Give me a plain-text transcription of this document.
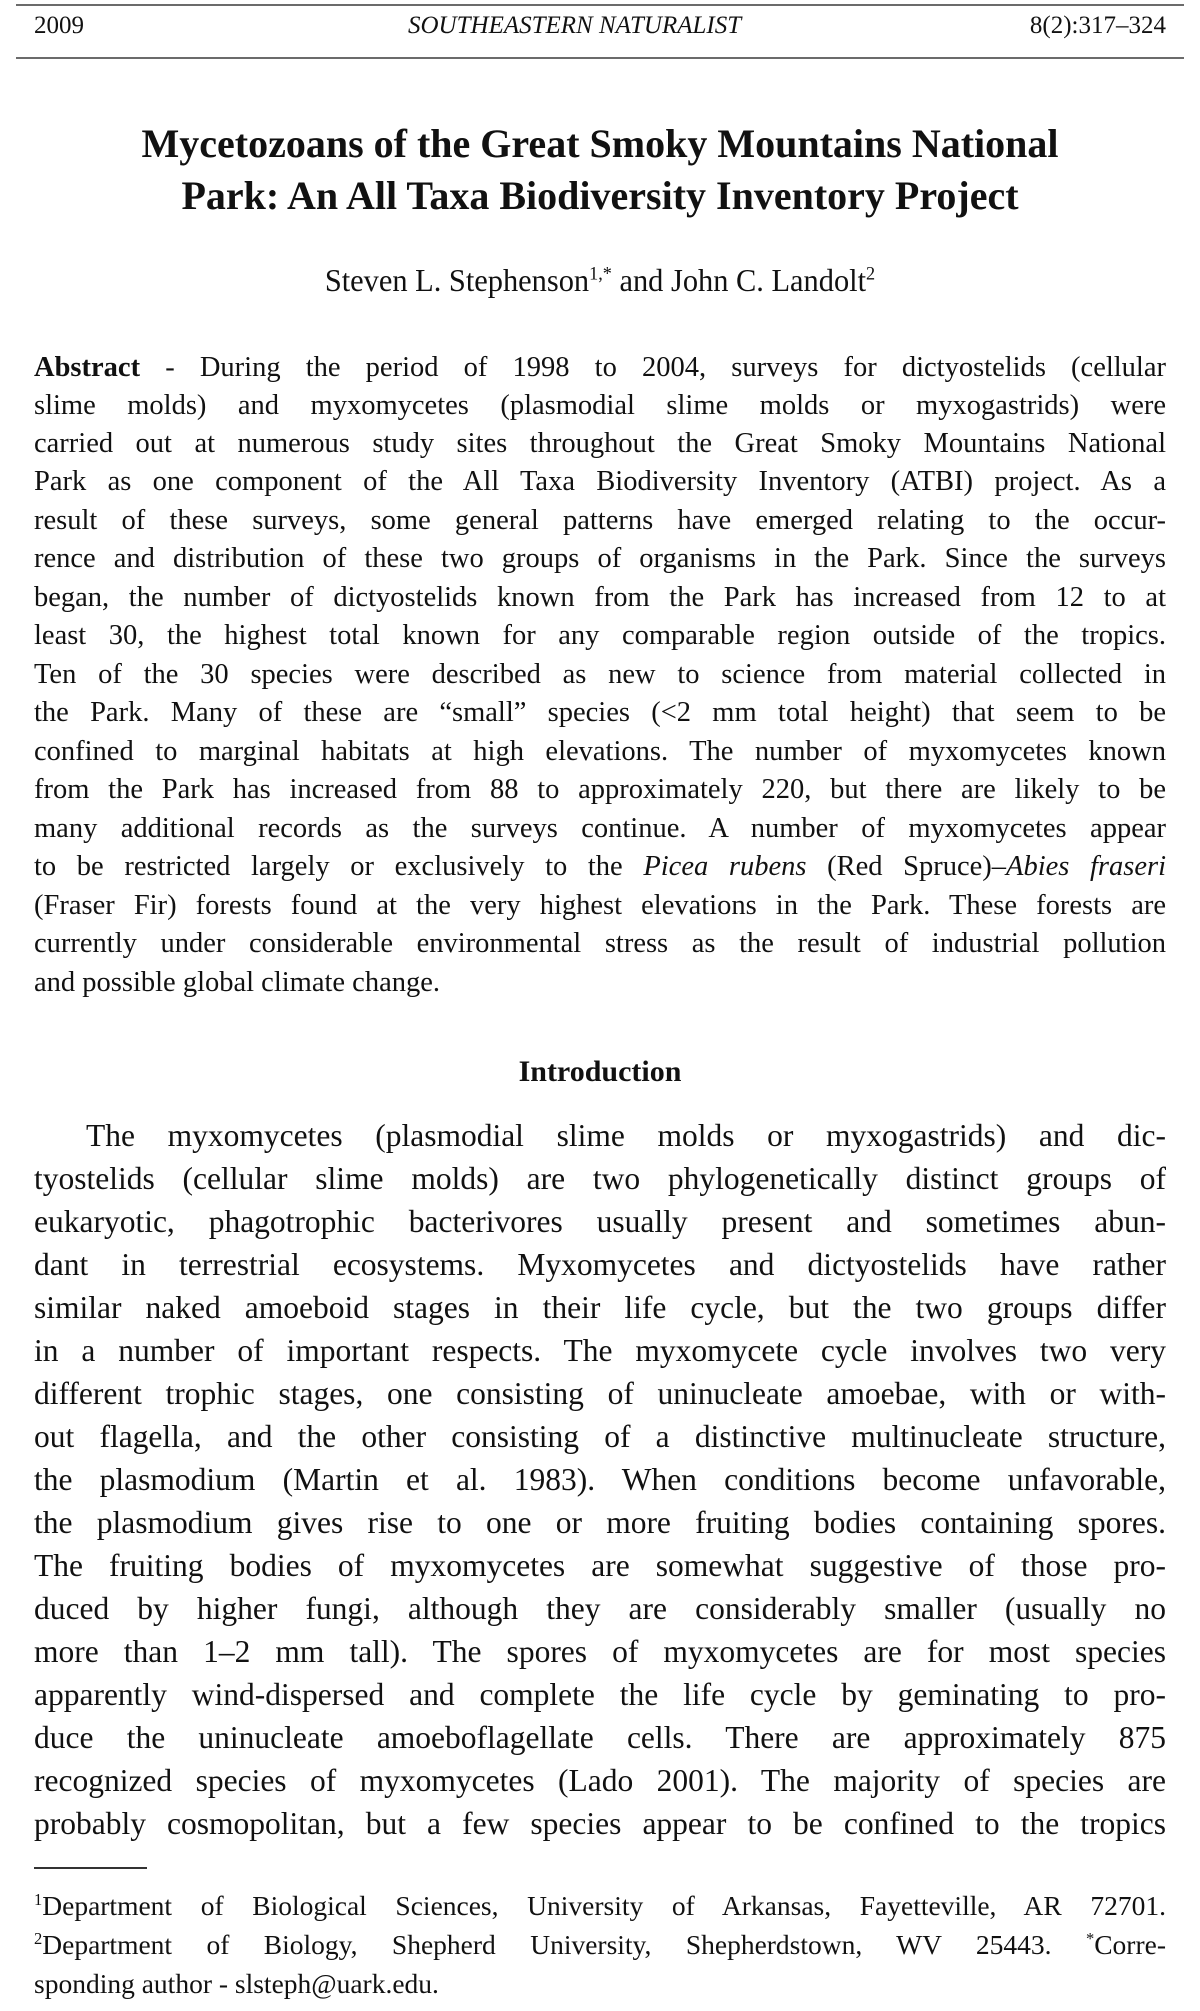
2009	SOUTHEASTERN NATURALIST	8(2):317–324
Mycetozoans of the Great Smoky Mountains National
Park: An All Taxa Biodiversity Inventory Project
Steven L. Stephenson$^{1,*}$ and John C. Landolt$^2$
Abstract - During the period of 1998 to 2004, surveys for dictyostelids (cellular
slime molds) and myxomycetes (plasmodial slime molds or myxogastrids) were
carried out at numerous study sites throughout the Great Smoky Mountains National
Park as one component of the All Taxa Biodiversity Inventory (ATBI) project. As a
result of these surveys, some general patterns have emerged relating to the occur-
rence and distribution of these two groups of organisms in the Park. Since the surveys
began, the number of dictyostelids known from the Park has increased from 12 to at
least 30, the highest total known for any comparable region outside of the tropics.
Ten of the 30 species were described as new to science from material collected in
the Park. Many of these are “small” species (<2 mm total height) that seem to be
confined to marginal habitats at high elevations. The number of myxomycetes known
from the Park has increased from 88 to approximately 220, but there are likely to be
many additional records as the surveys continue. A number of myxomycetes appear
to be restricted largely or exclusively to the Picea rubens (Red Spruce)–Abies fraseri
(Fraser Fir) forests found at the very highest elevations in the Park. These forests are
currently under considerable environmental stress as the result of industrial pollution
and possible global climate change.
Introduction
The myxomycetes (plasmodial slime molds or myxogastrids) and dic-
tyostelids (cellular slime molds) are two phylogenetically distinct groups of
eukaryotic, phagotrophic bacterivores usually present and sometimes abun-
dant in terrestrial ecosystems. Myxomycetes and dictyostelids have rather
similar naked amoeboid stages in their life cycle, but the two groups differ
in a number of important respects. The myxomycete cycle involves two very
different trophic stages, one consisting of uninucleate amoebae, with or with-
out flagella, and the other consisting of a distinctive multinucleate structure,
the plasmodium (Martin et al. 1983). When conditions become unfavorable,
the plasmodium gives rise to one or more fruiting bodies containing spores.
The fruiting bodies of myxomycetes are somewhat suggestive of those pro-
duced by higher fungi, although they are considerably smaller (usually no
more than 1–2 mm tall). The spores of myxomycetes are for most species
apparently wind-dispersed and complete the life cycle by geminating to pro-
duce the uninucleate amoeboflagellate cells. There are approximately 875
recognized species of myxomycetes (Lado 2001). The majority of species are
probably cosmopolitan, but a few species appear to be confined to the tropics
$^1$Department of Biological Sciences, University of Arkansas, Fayetteville, AR 72701.
$^2$Department of Biology, Shepherd University, Shepherdstown, WV 25443. *Corre-
sponding author - slsteph@uark.edu.
